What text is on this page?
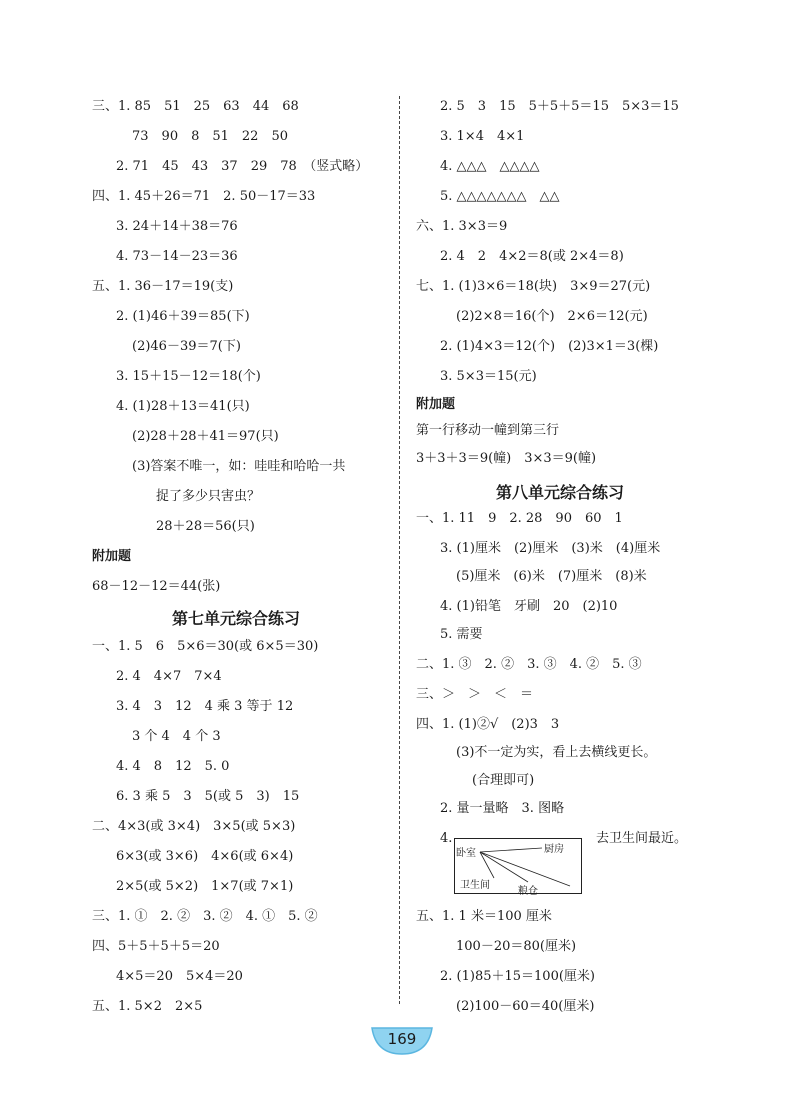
三、1. 85　51　25　63　44　68
73　90　8　51　22　50
2. 71　45　43　37　29　78　（竖式略）
四、1. 45＋26＝71　2. 50－17＝33
3. 24＋14＋38＝76
4. 73－14－23＝36
五、1. 36－17＝19(支)
2. (1)46＋39＝85(下)
(2)46－39＝7(下)
3. 15＋15－12＝18(个)
4. (1)28＋13＝41(只)
(2)28＋28＋41＝97(只)
(3)答案不唯一，如：哇哇和哈哈一共
捉了多少只害虫？
28＋28＝56(只)
附加题
68－12－12＝44(张)
第七单元综合练习
一、1. 5　6　5×6＝30(或 6×5＝30)
2. 4　4×7　7×4
3. 4　3　12　4 乘 3 等于 12
3 个 4　4 个 3
4. 4　8　12　5. 0
6. 3 乘 5　3　5(或 5　3)　15
二、4×3(或 3×4)　3×5(或 5×3)
6×3(或 3×6)　4×6(或 6×4)
2×5(或 5×2)　1×7(或 7×1)
三、1. ①　2. ②　3. ②　4. ①　5. ②
四、5＋5＋5＋5＝20
4×5＝20　5×4＝20
五、1. 5×2　2×5
2. 5　3　15　5＋5＋5＝15　5×3＝15
3. 1×4　4×1
4. △△△　△△△△
5. △△△△△△△　△△
六、1. 3×3＝9
2. 4　2　4×2＝8(或 2×4＝8)
七、1. (1)3×6＝18(块)　3×9＝27(元)
(2)2×8＝16(个)　2×6＝12(元)
2. (1)4×3＝12(个)　(2)3×1＝3(棵)
3. 5×3＝15(元)
附加题
第一行移动一幢到第三行
3＋3＋3＝9(幢)　3×3＝9(幢)
第八单元综合练习
一、1. 11　9　2. 28　90　60　1
3. (1)厘米　(2)厘米　(3)米　(4)厘米
(5)厘米　(6)米　(7)厘米　(8)米
4. (1)铅笔　牙刷　20　(2)10
5. 需要
二、1. ③　2. ②　3. ③　4. ②　5. ③
三、＞　＞　＜　＝
四、1. (1)②√　(2)3　3
(3)不一定为实，看上去横线更长。
(合理即可)
2. 量一量略　3. 图略
4.	去卫生间最近。
五、1. 1 米＝100 厘米
100－20＝80(厘米)
2. (1)85＋15＝100(厘米)
(2)100－60＝40(厘米)
卧室	厨房
卫生间
粮仓
169
